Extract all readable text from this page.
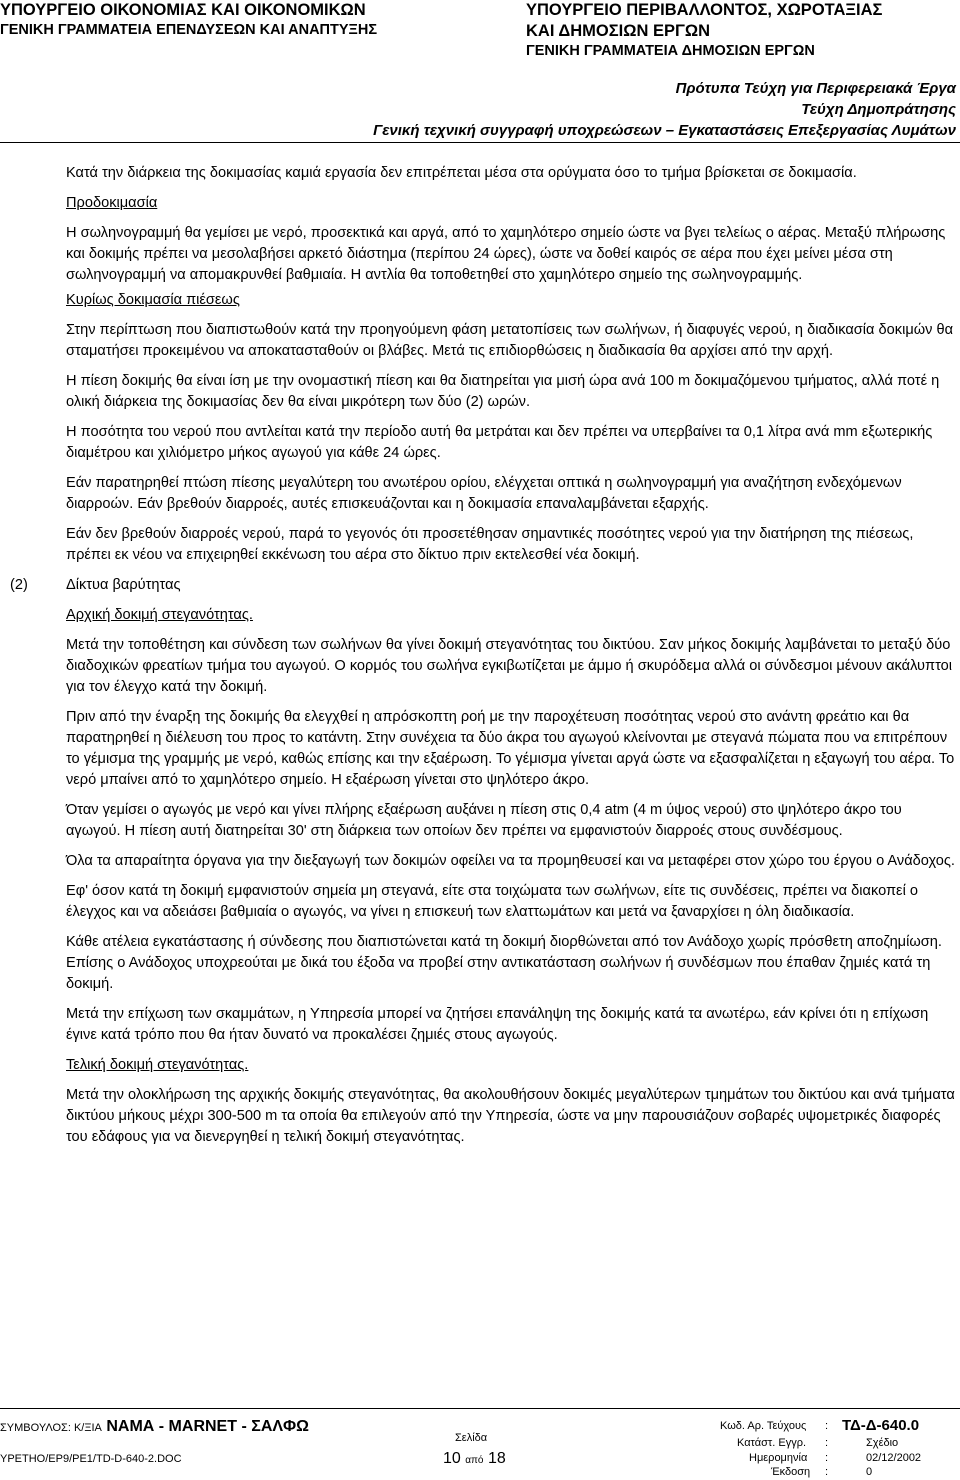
ΥΠΟΥΡΓΕΙΟ ΟΙΚΟΝΟΜΙΑΣ ΚΑΙ ΟΙΚΟΝΟΜΙΚΩΝ
ΓΕΝΙΚΗ ΓΡΑΜΜΑΤΕΙΑ ΕΠΕΝΔΥΣΕΩΝ ΚΑΙ ΑΝΑΠΤΥΞΗΣ
ΥΠΟΥΡΓΕΙΟ ΠΕΡΙΒΑΛΛΟΝΤΟΣ, ΧΩΡΟΤΑΞΙΑΣ
ΚΑΙ ΔΗΜΟΣΙΩΝ ΕΡΓΩΝ
ΓΕΝΙΚΗ ΓΡΑΜΜΑΤΕΙΑ ΔΗΜΟΣΙΩΝ ΕΡΓΩΝ
Πρότυπα Τεύχη για Περιφερειακά Έργα
Τεύχη Δημοπράτησης
Γενική τεχνική συγγραφή υποχρεώσεων – Εγκαταστάσεις Επεξεργασίας Λυμάτων

Κατά την διάρκεια της δοκιμασίας καμιά εργασία δεν επιτρέπεται μέσα στα ορύγματα όσο το τμήμα βρίσκεται σε δοκιμασία.

Προδοκιμασία

Η σωληνογραμμή θα γεμίσει με νερό, προσεκτικά και αργά, από το χαμηλότερο σημείο ώστε να βγει τελείως ο αέρας. Μεταξύ πλήρωσης και δοκιμής πρέπει να μεσολαβήσει αρκετό διάστημα (περίπου 24 ώρες), ώστε να δοθεί καιρός σε αέρα που έχει μείνει μέσα στη σωληνογραμμή να απομακρυνθεί βαθμιαία. Η αντλία θα τοποθετηθεί στο χαμηλότερο σημείο της σωληνογραμμής.

Κυρίως δοκιμασία πιέσεως

Στην περίπτωση που διαπιστωθούν κατά την προηγούμενη φάση μετατοπίσεις των σωλήνων, ή διαφυγές νερού, η διαδικασία δοκιμών θα σταματήσει προκειμένου να αποκατασταθούν οι βλάβες. Μετά τις επιδιορθώσεις η διαδικασία θα αρχίσει από την αρχή.

Η πίεση δοκιμής θα είναι ίση με την ονομαστική πίεση και θα διατηρείται για μισή ώρα ανά 100 m δοκιμαζόμενου τμήματος, αλλά ποτέ η ολική διάρκεια της δοκιμασίας δεν θα είναι μικρότερη των δύο (2) ωρών.

Η ποσότητα του νερού που αντλείται κατά την περίοδο αυτή θα μετράται και δεν πρέπει να υπερβαίνει τα 0,1 λίτρα ανά mm εξωτερικής διαμέτρου και χιλιόμετρο μήκος αγωγού για κάθε 24 ώρες.

Εάν παρατηρηθεί πτώση πίεσης μεγαλύτερη του ανωτέρου ορίου, ελέγχεται οπτικά η σωληνογραμμή για αναζήτηση ενδεχόμενων διαρροών. Εάν βρεθούν διαρροές, αυτές επισκευάζονται και η δοκιμασία επαναλαμβάνεται εξαρχής.

Εάν δεν βρεθούν διαρροές νερού, παρά το γεγονός ότι προσετέθησαν σημαντικές ποσότητες νερού για την διατήρηση της πιέσεως, πρέπει εκ νέου να επιχειρηθεί εκκένωση του αέρα στο δίκτυο πριν εκτελεσθεί νέα δοκιμή.

(2)	Δίκτυα βαρύτητας

Αρχική δοκιμή στεγανότητας.

Μετά την τοποθέτηση και σύνδεση των σωλήνων θα γίνει δοκιμή στεγανότητας του δικτύου. Σαν μήκος δοκιμής λαμβάνεται το μεταξύ δύο διαδοχικών φρεατίων τμήμα του αγωγού. Ο κορμός του σωλήνα εγκιβωτίζεται με άμμο ή σκυρόδεμα αλλά οι σύνδεσμοι μένουν ακάλυπτοι για τον έλεγχο κατά την δοκιμή.

Πριν από την έναρξη της δοκιμής θα ελεγχθεί η απρόσκοπτη ροή με την παροχέτευση ποσότητας νερού στο ανάντη φρεάτιο και θα παρατηρηθεί η διέλευση του προς το κατάντη. Στην συνέχεια τα δύο άκρα του αγωγού κλείνονται με στεγανά πώματα που να επιτρέπουν το γέμισμα της γραμμής με νερό, καθώς επίσης και την εξαέρωση. Το γέμισμα γίνεται αργά ώστε να εξασφαλίζεται η εξαγωγή του αέρα. Το νερό μπαίνει από το χαμηλότερο σημείο. Η εξαέρωση γίνεται στο ψηλότερο άκρο.

Όταν γεμίσει ο αγωγός με νερό και γίνει πλήρης εξαέρωση αυξάνει η πίεση στις 0,4 atm (4 m ύψος νερού) στο ψηλότερο άκρο του αγωγού. Η πίεση αυτή διατηρείται 30' στη διάρκεια των οποίων δεν πρέπει να εμφανιστούν διαρροές στους συνδέσμους.

Όλα τα απαραίτητα όργανα για την διεξαγωγή των δοκιμών οφείλει να τα προμηθευσεί και να μεταφέρει στον χώρο του έργου ο Ανάδοχος.

Εφ' όσον κατά τη δοκιμή εμφανιστούν σημεία μη στεγανά, είτε στα τοιχώματα των σωλήνων, είτε τις συνδέσεις, πρέπει να διακοπεί ο έλεγχος και να αδειάσει βαθμιαία ο αγωγός, να γίνει η επισκευή των ελαττωμάτων και μετά να ξαναρχίσει η όλη διαδικασία.

Κάθε ατέλεια εγκατάστασης ή σύνδεσης που διαπιστώνεται κατά τη δοκιμή διορθώνεται από τον Ανάδοχο χωρίς πρόσθετη αποζημίωση. Επίσης ο Ανάδοχος υποχρεούται με δικά του έξοδα να προβεί στην αντικατάσταση σωλήνων ή συνδέσμων που έπαθαν ζημιές κατά τη δοκιμή.

Μετά την επίχωση των σκαμμάτων, η Υπηρεσία μπορεί να ζητήσει επανάληψη της δοκιμής κατά τα ανωτέρω, εάν κρίνει ότι η επίχωση έγινε κατά τρόπο που θα ήταν δυνατό να προκαλέσει ζημιές στους αγωγούς.

Τελική δοκιμή στεγανότητας.

Μετά την ολοκλήρωση της αρχικής δοκιμής στεγανότητας, θα ακολουθήσουν δοκιμές μεγαλύτερων τμημάτων του δικτύου και ανά τμήματα δικτύου μήκους μέχρι 300-500 m τα οποία θα επιλεγούν από την Υπηρεσία, ώστε να μην παρουσιάζουν σοβαρές υψομετρικές διαφορές του εδάφους για να διενεργηθεί η τελική δοκιμή στεγανότητας.

ΣΥΜΒΟΥΛΟΣ: Κ/ΞΙΑ ΝΑΜΑ - ΜΑRΝΕΤ - ΣΑΛΦΩ
ΥΡΕΤΗΟ/ΕΡ9/ΡΕ1/ΤD-D-640-2.DOC
Σελίδα
10 από 18
Κωδ. Αρ. Τεύχους : ΤΔ-Δ-640.0
Κατάστ. Εγγρ. :	Σχέδιο
Ημερομηνία :	02/12/2002
Έκδοση :	0
